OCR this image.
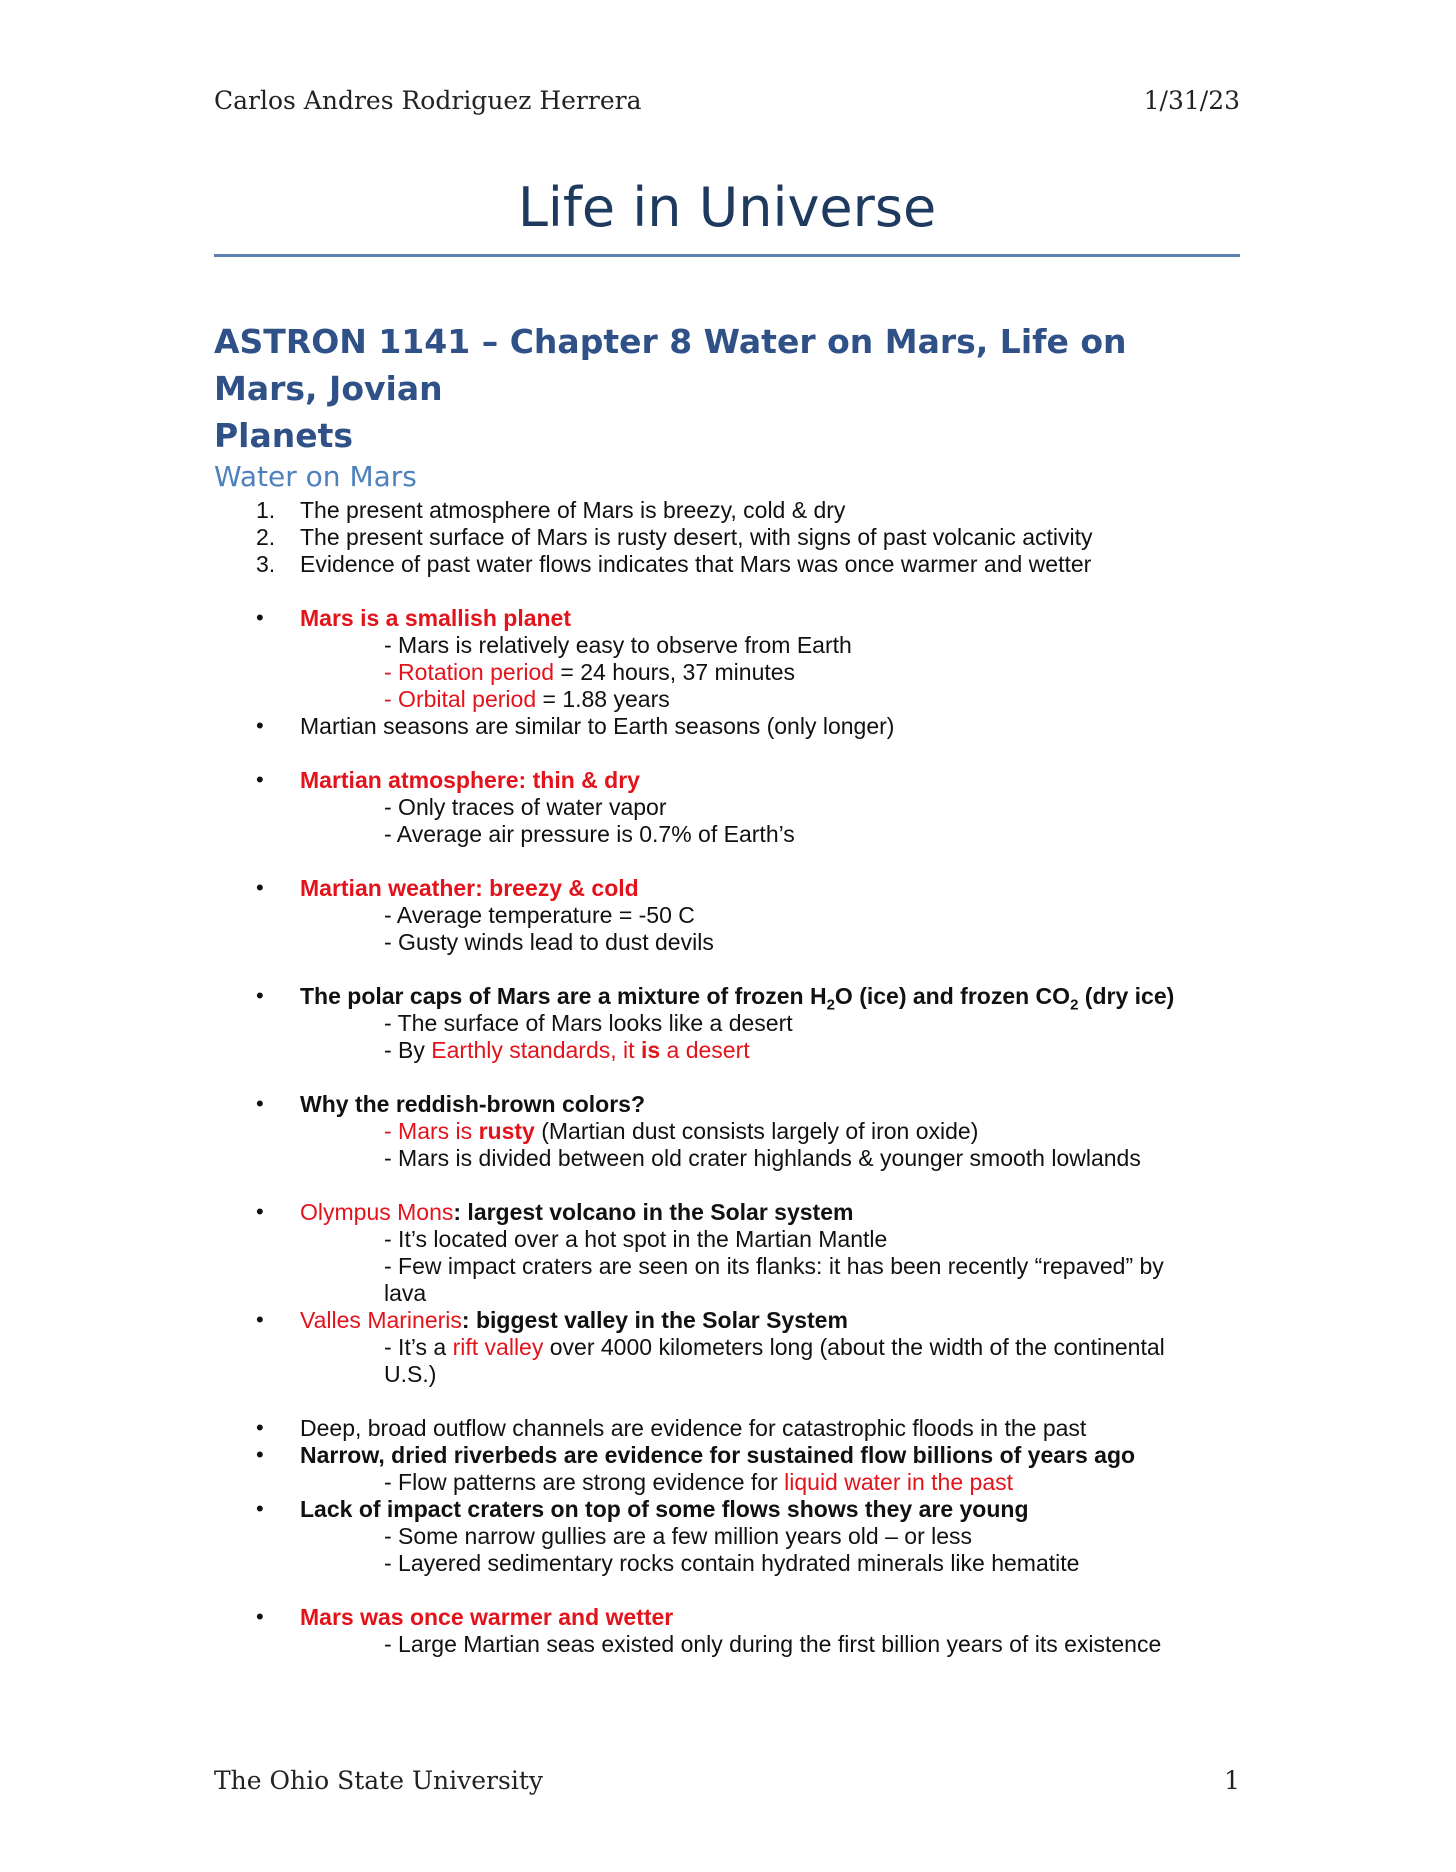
Carlos Andres Rodriguez Herrera	1/31/23
Life in Universe
ASTRON 1141 – Chapter 8 Water on Mars, Life on Mars, Jovian
Planets
Water on Mars
1. The present atmosphere of Mars is breezy, cold & dry
2. The present surface of Mars is rusty desert, with signs of past volcanic activity
3. Evidence of past water flows indicates that Mars was once warmer and wetter
• Mars is a smallish planet
- Mars is relatively easy to observe from Earth
- Rotation period = 24 hours, 37 minutes
- Orbital period = 1.88 years
• Martian seasons are similar to Earth seasons (only longer)
• Martian atmosphere: thin & dry
- Only traces of water vapor
- Average air pressure is 0.7% of Earth’s
• Martian weather: breezy & cold
- Average temperature = -50 C
- Gusty winds lead to dust devils
• The polar caps of Mars are a mixture of frozen $H_2O$ (ice) and frozen $CO_2$ (dry ice)
- The surface of Mars looks like a desert
- By Earthly standards, it is a desert
• Why the reddish-brown colors?
- Mars is rusty (Martian dust consists largely of iron oxide)
- Mars is divided between old crater highlands & younger smooth lowlands
• Olympus Mons: largest volcano in the Solar system
- It’s located over a hot spot in the Martian Mantle
- Few impact craters are seen on its flanks: it has been recently “repaved” by
lava
• Valles Marineris: biggest valley in the Solar System
- It’s a rift valley over 4000 kilometers long (about the width of the continental
U.S.)
• Deep, broad outflow channels are evidence for catastrophic floods in the past
• Narrow, dried riverbeds are evidence for sustained flow billions of years ago
- Flow patterns are strong evidence for liquid water in the past
• Lack of impact craters on top of some flows shows they are young
- Some narrow gullies are a few million years old – or less
- Layered sedimentary rocks contain hydrated minerals like hematite
• Mars was once warmer and wetter
- Large Martian seas existed only during the first billion years of its existence
The Ohio State University	1
